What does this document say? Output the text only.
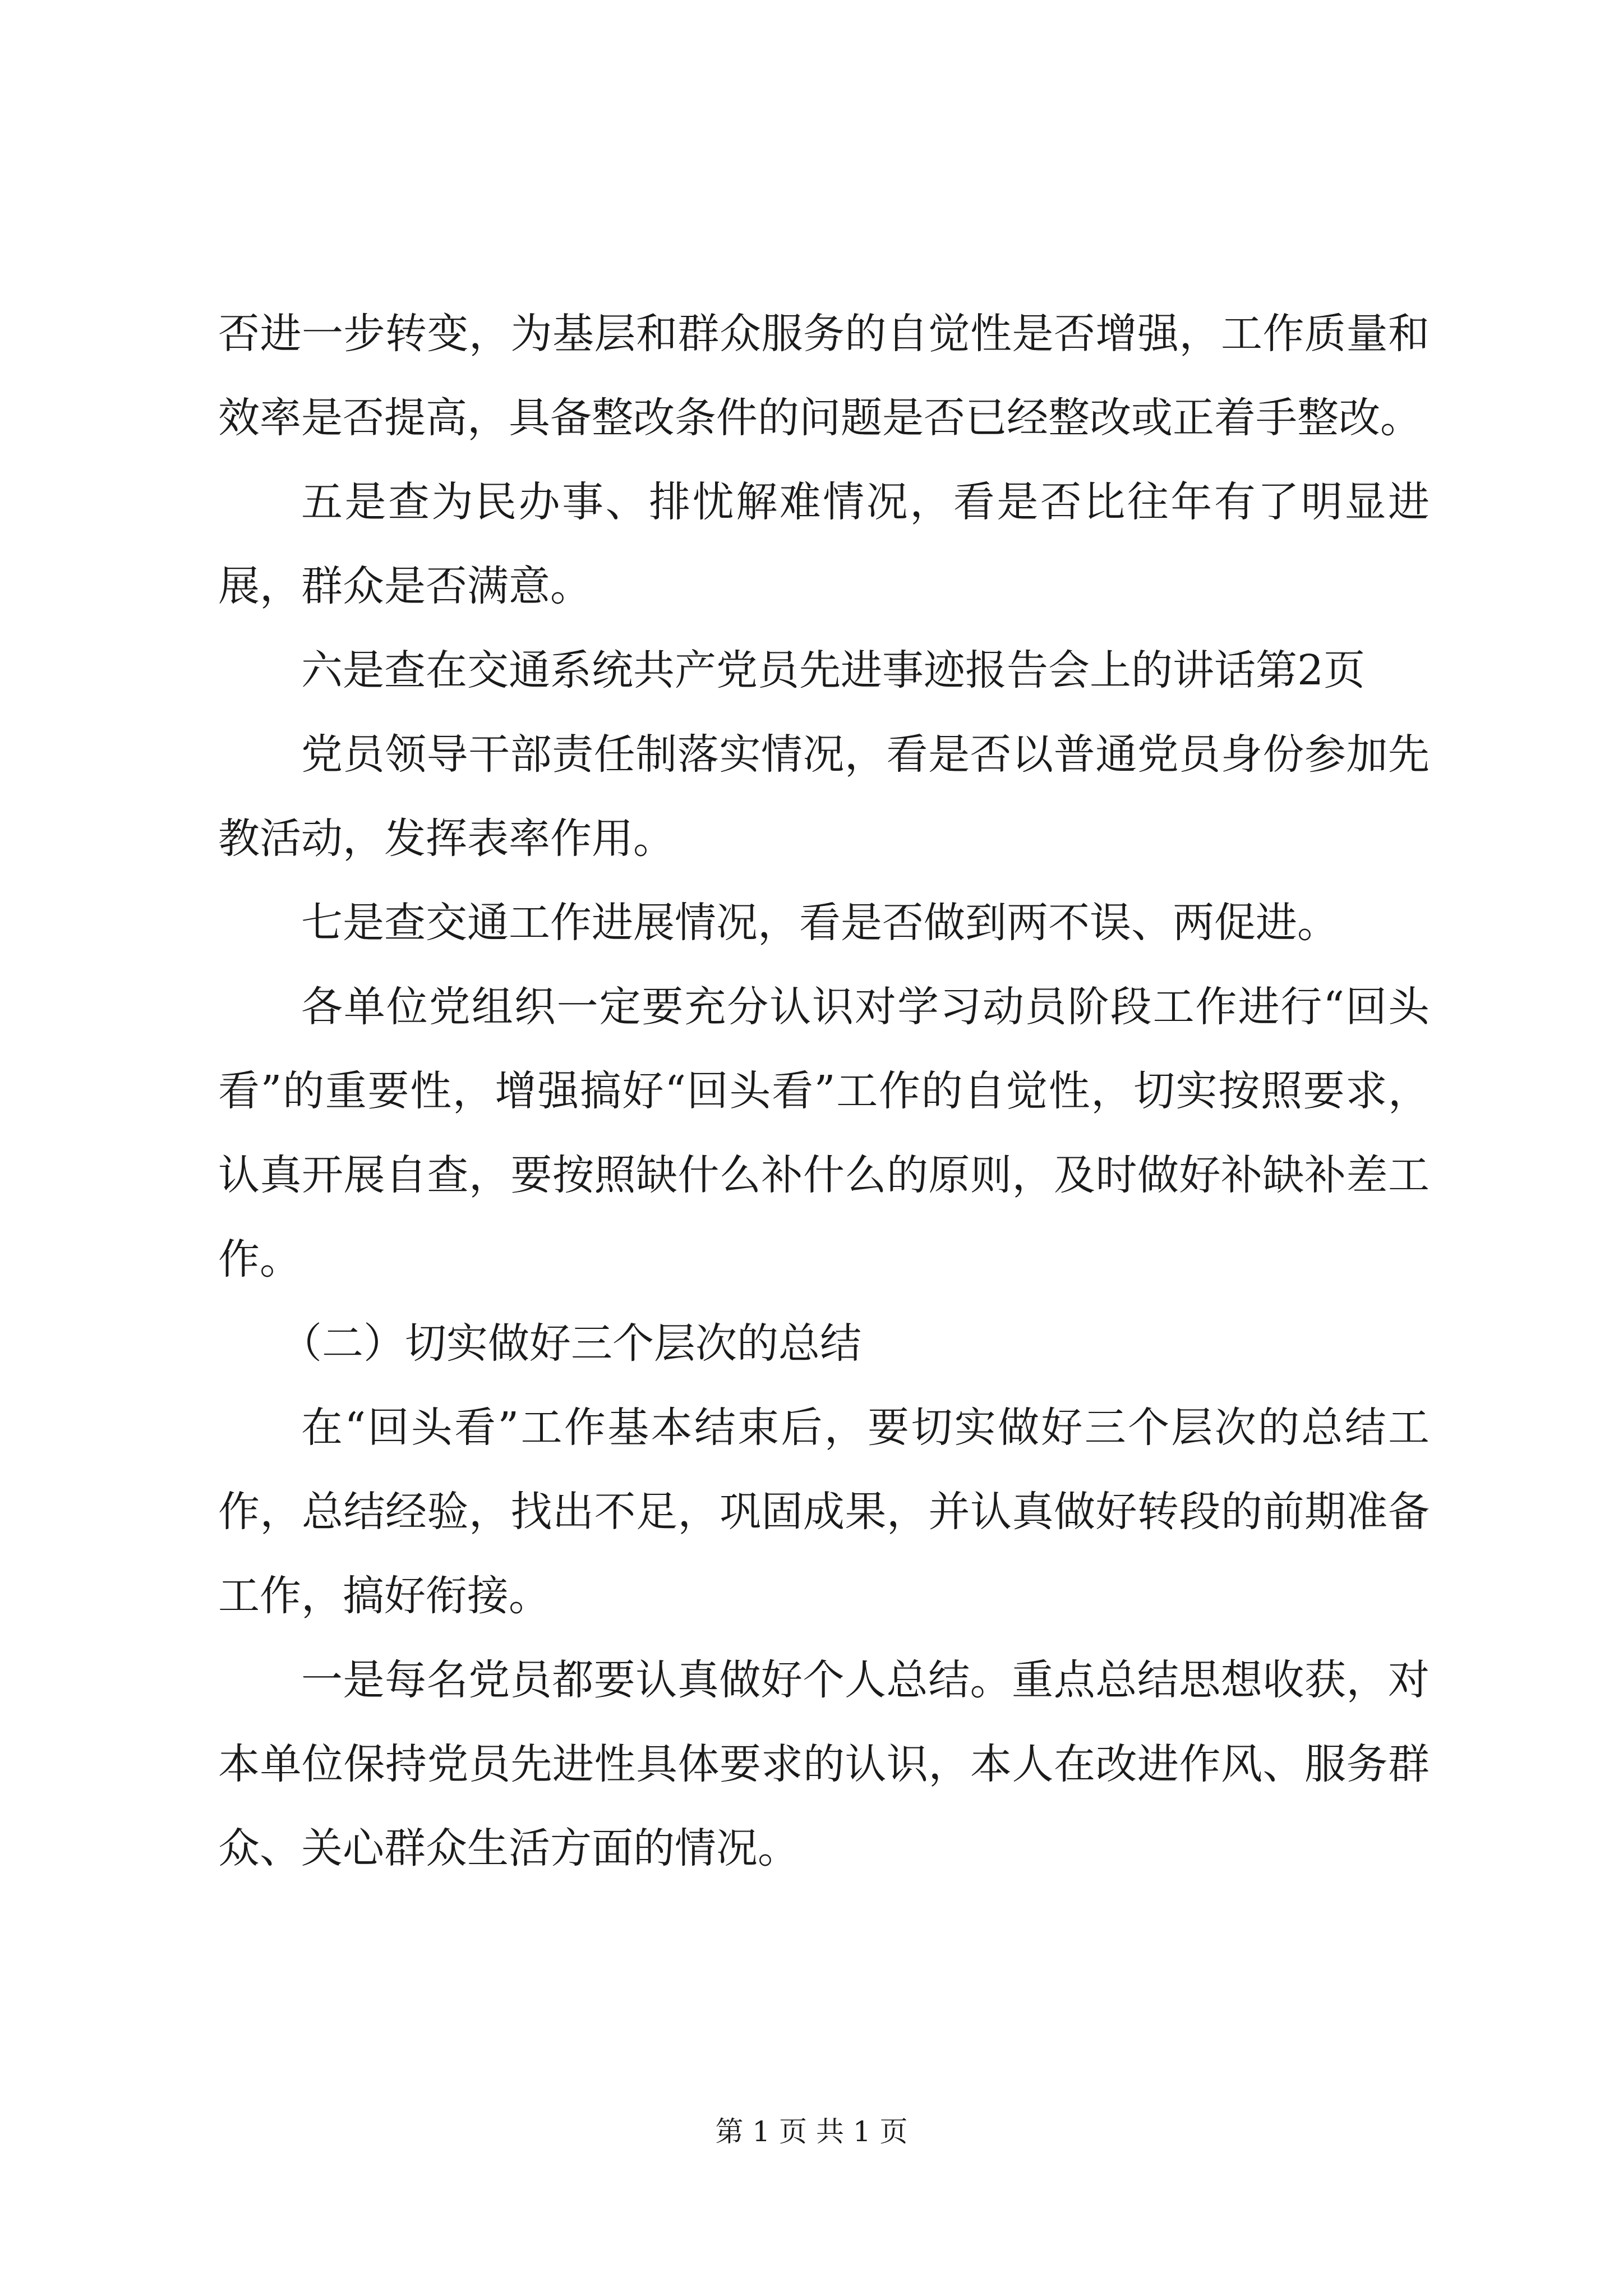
否进一步转变，为基层和群众服务的自觉性是否增强，工作质量和效率是否提高，具备整改条件的问题是否已经整改或正着手整改。

五是查为民办事、排忧解难情况，看是否比往年有了明显进展，群众是否满意。

六是查在交通系统共产党员先进事迹报告会上的讲话第2页

党员领导干部责任制落实情况，看是否以普通党员身份参加先教活动，发挥表率作用。

七是查交通工作进展情况，看是否做到两不误、两促进。

各单位党组织一定要充分认识对学习动员阶段工作进行“回头看”的重要性，增强搞好“回头看”工作的自觉性，切实按照要求，认真开展自查，要按照缺什么补什么的原则，及时做好补缺补差工作。

（二）切实做好三个层次的总结

在“回头看”工作基本结束后，要切实做好三个层次的总结工作，总结经验，找出不足，巩固成果，并认真做好转段的前期准备工作，搞好衔接。

一是每名党员都要认真做好个人总结。重点总结思想收获，对本单位保持党员先进性具体要求的认识，本人在改进作风、服务群众、关心群众生活方面的情况。

第 1 页 共 1 页
